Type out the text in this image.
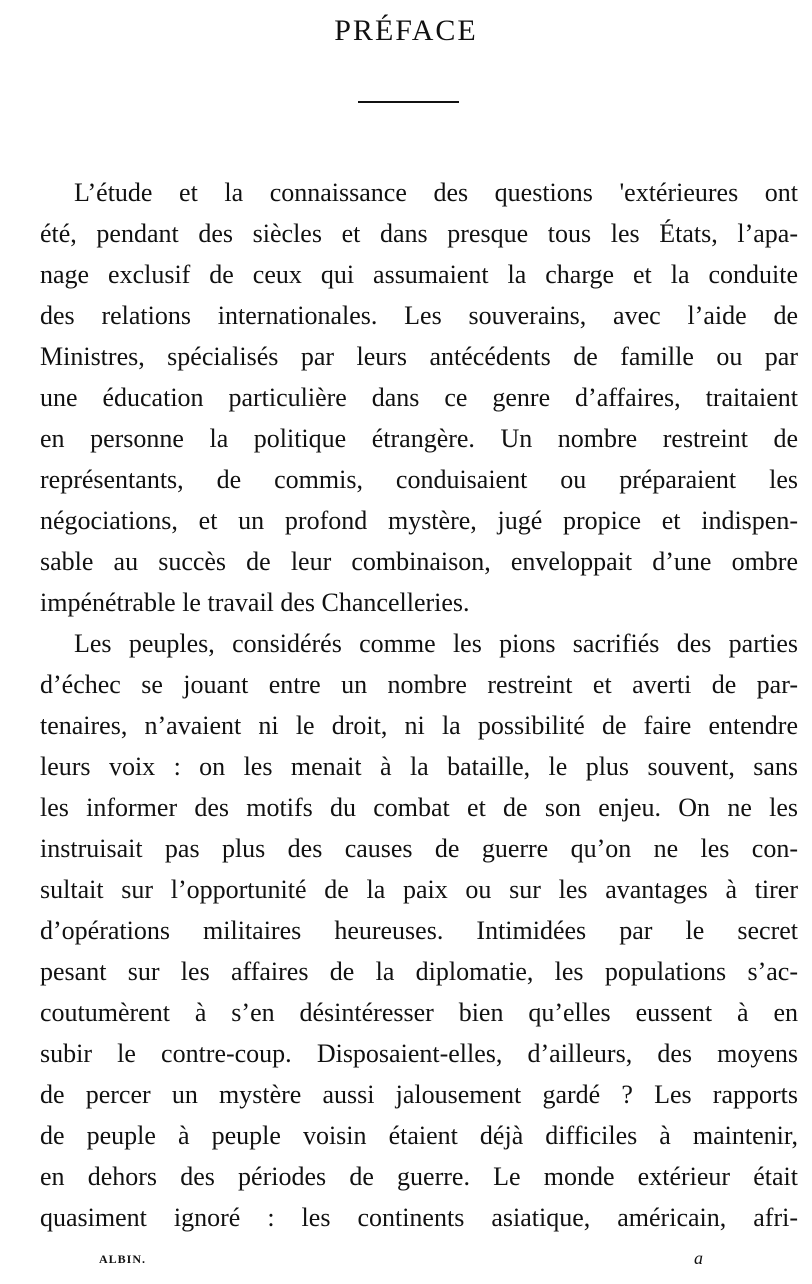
PRÉFACE
L’étude et la connaissance des questions 'extérieures ont
été, pendant des siècles et dans presque tous les États, l’apa-
nage exclusif de ceux qui assumaient la charge et la conduite
des relations internationales. Les souverains, avec l’aide de
Ministres, spécialisés par leurs antécédents de famille ou par
une éducation particulière dans ce genre d’affaires, traitaient
en personne la politique étrangère. Un nombre restreint de
représentants, de commis, conduisaient ou préparaient les
négociations, et un profond mystère, jugé propice et indispen-
sable au succès de leur combinaison, enveloppait d’une ombre
impénétrable le travail des Chancelleries.
Les peuples, considérés comme les pions sacrifiés des parties
d’échec se jouant entre un nombre restreint et averti de par-
tenaires, n’avaient ni le droit, ni la possibilité de faire entendre
leurs voix : on les menait à la bataille, le plus souvent, sans
les informer des motifs du combat et de son enjeu. On ne les
instruisait pas plus des causes de guerre qu’on ne les con-
sultait sur l’opportunité de la paix ou sur les avantages à tirer
d’opérations militaires heureuses. Intimidées par le secret
pesant sur les affaires de la diplomatie, les populations s’ac-
coutumèrent à s’en désintéresser bien qu’elles eussent à en
subir le contre-coup. Disposaient-elles, d’ailleurs, des moyens
de percer un mystère aussi jalousement gardé ? Les rapports
de peuple à peuple voisin étaient déjà difficiles à maintenir,
en dehors des périodes de guerre. Le monde extérieur était
quasiment ignoré : les continents asiatique, américain, afri-
ALBIN.	a
